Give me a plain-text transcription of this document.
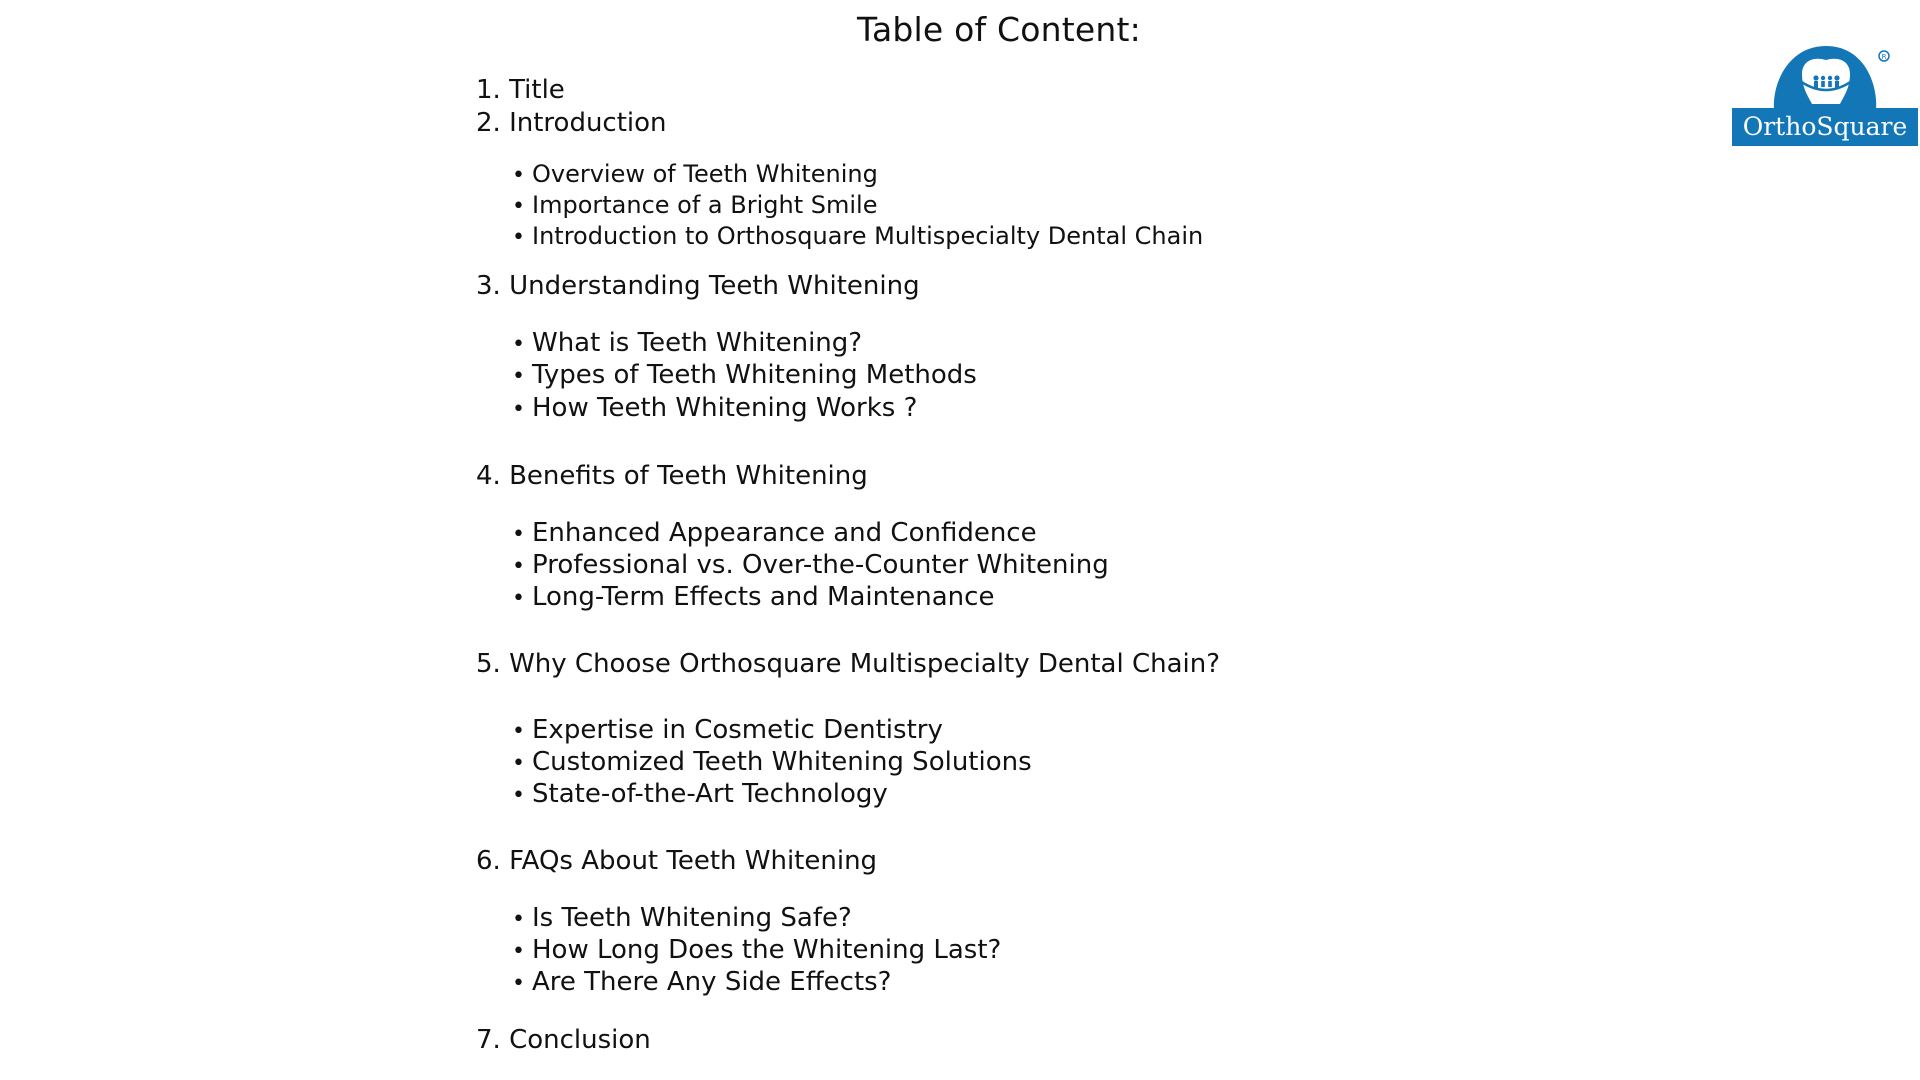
Table of Content:
1. Title
2. Introduction
• Overview of Teeth Whitening
• Importance of a Bright Smile
• Introduction to Orthosquare Multispecialty Dental Chain
3. Understanding Teeth Whitening
• What is Teeth Whitening?
• Types of Teeth Whitening Methods
• How Teeth Whitening Works ?
4. Benefits of Teeth Whitening
• Enhanced Appearance and Confidence
• Professional vs. Over-the-Counter Whitening
• Long-Term Effects and Maintenance
5. Why Choose Orthosquare Multispecialty Dental Chain?
• Expertise in Cosmetic Dentistry
• Customized Teeth Whitening Solutions
• State-of-the-Art Technology
6. FAQs About Teeth Whitening
• Is Teeth Whitening Safe?
• How Long Does the Whitening Last?
• Are There Any Side Effects?
7. Conclusion
R
OrthoSquare
